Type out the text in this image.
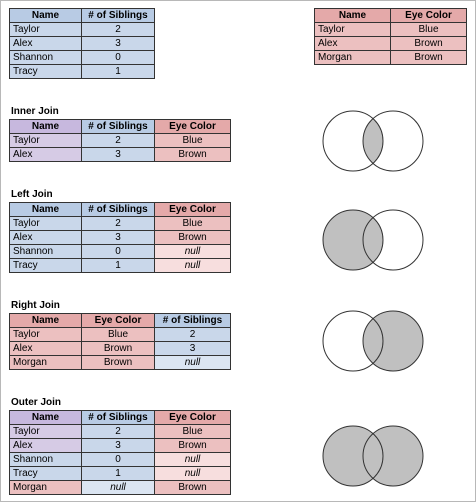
Name	# of Siblings
Taylor	2
Alex	3
Shannon	0
Tracy	1
Name	Eye Color
Taylor	Blue
Alex	Brown
Morgan	Brown
Inner Join
Name	# of Siblings	Eye Color
Taylor	2	Blue
Alex	3	Brown
Left Join
Name	# of Siblings	Eye Color
Taylor	2	Blue
Alex	3	Brown
Shannon	0	null
Tracy	1	null
Right Join
Name	Eye Color	# of Siblings
Taylor	Blue	2
Alex	Brown	3
Morgan	Brown	null
Outer Join
Name	# of Siblings	Eye Color
Taylor	2	Blue
Alex	3	Brown
Shannon	0	null
Tracy	1	null
Morgan	null	Brown
